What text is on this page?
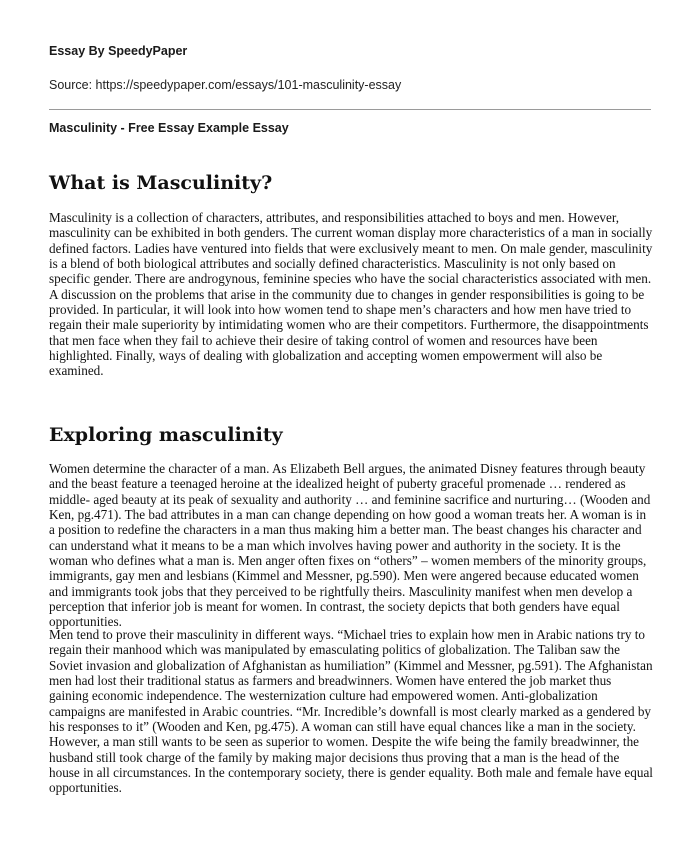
Essay By SpeedyPaper
Source: https://speedypaper.com/essays/101-masculinity-essay
Masculinity - Free Essay Example Essay
What is Masculinity?

Masculinity is a collection of characters, attributes, and responsibilities attached to boys and men. However, masculinity can be exhibited in both genders. The current woman display more characteristics of a man in socially defined factors. Ladies have ventured into fields that were exclusively meant to men. On male gender, masculinity is a blend of both biological attributes and socially defined characteristics. Masculinity is not only based on specific gender. There are androgynous, feminine species who have the social characteristics associated with men. A discussion on the problems that arise in the community due to changes in gender responsibilities is going to be provided. In particular, it will look into how women tend to shape men’s characters and how men have tried to regain their male superiority by intimidating women who are their competitors. Furthermore, the disappointments that men face when they fail to achieve their desire of taking control of women and resources have been highlighted. Finally, ways of dealing with globalization and accepting women empowerment will also be examined.

Exploring masculinity

Women determine the character of a man. As Elizabeth Bell argues, the animated Disney features through beauty and the beast feature a teenaged heroine at the idealized height of puberty graceful promenade … rendered as middle- aged beauty at its peak of sexuality and authority … and feminine sacrifice and nurturing… (Wooden and Ken, pg.471). The bad attributes in a man can change depending on how good a woman treats her. A woman is in a position to redefine the characters in a man thus making him a better man. The beast changes his character and can understand what it means to be a man which involves having power and authority in the society. It is the woman who defines what a man is. Men anger often fixes on “others” – women members of the minority groups, immigrants, gay men and lesbians (Kimmel and Messner, pg.590). Men were angered because educated women and immigrants took jobs that they perceived to be rightfully theirs. Masculinity manifest when men develop a perception that inferior job is meant for women. In contrast, the society depicts that both genders have equal opportunities.

Men tend to prove their masculinity in different ways. “Michael tries to explain how men in Arabic nations try to regain their manhood which was manipulated by emasculating politics of globalization. The Taliban saw the Soviet invasion and globalization of Afghanistan as humiliation” (Kimmel and Messner, pg.591). The Afghanistan men had lost their traditional status as farmers and breadwinners. Women have entered the job market thus gaining economic independence. The westernization culture had empowered women. Anti-globalization campaigns are manifested in Arabic countries. “Mr. Incredible’s downfall is most clearly marked as a gendered by his responses to it” (Wooden and Ken, pg.475). A woman can still have equal chances like a man in the society. However, a man still wants to be seen as superior to women. Despite the wife being the family breadwinner, the husband still took charge of the family by making major decisions thus proving that a man is the head of the house in all circumstances. In the contemporary society, there is gender equality. Both male and female have equal opportunities.
